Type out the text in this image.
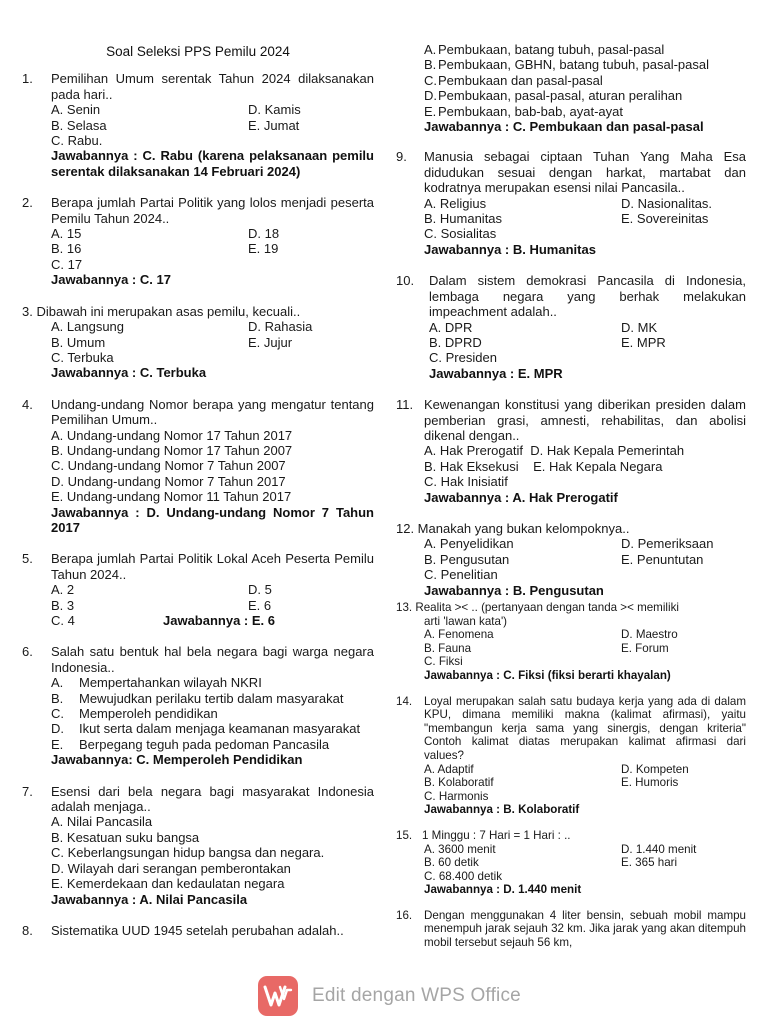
Soal Seleksi PPS Pemilu 2024
1.	Pemilihan Umum serentak Tahun 2024 dilaksanakan pada hari..
A. Senin	D. Kamis
B. Selasa	E. Jumat
C. Rabu.
Jawabannya : C. Rabu (karena pelaksanaan pemilu serentak dilaksanakan 14 Februari 2024)
2.	Berapa jumlah Partai Politik yang lolos menjadi peserta Pemilu Tahun 2024..
A. 15	D. 18
B. 16	E. 19
C. 17
Jawabannya : C. 17
3. Dibawah ini merupakan asas pemilu, kecuali..
A. Langsung	D. Rahasia
B. Umum	E. Jujur
C. Terbuka
Jawabannya : C. Terbuka
4.	Undang-undang Nomor berapa yang mengatur tentang Pemilihan Umum..
A. Undang-undang Nomor 17 Tahun 2017
B. Undang-undang Nomor 17 Tahun 2007
C. Undang-undang Nomor 7 Tahun 2007
D. Undang-undang Nomor 7 Tahun 2017
E. Undang-undang Nomor 11 Tahun 2017
Jawabannya : D. Undang-undang Nomor 7 Tahun 2017
5.	Berapa jumlah Partai Politik Lokal Aceh Peserta Pemilu Tahun 2024..
A. 2	D. 5
B. 3	E. 6
C. 4	Jawabannya : E. 6
6.	Salah satu bentuk hal bela negara bagi warga negara Indonesia..
A.	Mempertahankan wilayah NKRI
B.	Mewujudkan perilaku tertib dalam masyarakat
C.	Memperoleh pendidikan
D.	Ikut serta dalam menjaga keamanan masyarakat
E.	Berpegang teguh pada pedoman Pancasila
Jawabannya: C. Memperoleh Pendidikan
7.	Esensi dari bela negara bagi masyarakat Indonesia adalah menjaga..
A. Nilai Pancasila
B. Kesatuan suku bangsa
C. Keberlangsungan hidup bangsa dan negara.
D. Wilayah dari serangan pemberontakan
E. Kemerdekaan dan kedaulatan negara
Jawabannya : A. Nilai Pancasila
8.	Sistematika UUD 1945 setelah perubahan adalah..
A. Pembukaan, batang tubuh, pasal-pasal
B. Pembukaan, GBHN, batang tubuh, pasal-pasal
C. Pembukaan dan pasal-pasal
D. Pembukaan, pasal-pasal, aturan peralihan
E. Pembukaan, bab-bab, ayat-ayat
Jawabannya : C. Pembukaan dan pasal-pasal
9.	Manusia sebagai ciptaan Tuhan Yang Maha Esa didudukan sesuai dengan harkat, martabat dan kodratnya merupakan esensi nilai Pancasila..
A. Religius	D. Nasionalitas.
B. Humanitas	E. Sovereinitas
C. Sosialitas
Jawabannya : B. Humanitas
10.	Dalam sistem demokrasi Pancasila di Indonesia, lembaga negara yang berhak melakukan impeachment adalah..
A. DPR	D. MK
B. DPRD	E. MPR
C. Presiden
Jawabannya : E. MPR
11. Kewenangan konstitusi yang diberikan presiden dalam pemberian grasi, amnesti, rehabilitas, dan abolisi dikenal dengan..
A. Hak Prerogatif  D. Hak Kepala Pemerintah
B. Hak Eksekusi    E. Hak Kepala Negara
C. Hak Inisiatif
Jawabannya : A. Hak Prerogatif
12. Manakah yang bukan kelompoknya..
A. Penyelidikan	D. Pemeriksaan
B. Pengusutan	E. Penuntutan
C. Penelitian
Jawabannya : B. Pengusutan
13. Realita >< .. (pertanyaan dengan tanda >< memiliki
arti 'lawan kata')
A. Fenomena	D. Maestro
B. Fauna	E. Forum
C. Fiksi
Jawabannya : C. Fiksi (fiksi berarti khayalan)
14.	Loyal merupakan salah satu budaya kerja yang ada di dalam KPU, dimana memiliki makna (kalimat afirmasi), yaitu "membangun kerja sama yang sinergis, dengan kriteria" Contoh kalimat diatas merupakan kalimat afirmasi dari values?
A. Adaptif	D. Kompeten
B. Kolaboratif	E. Humoris
C. Harmonis
Jawabannya : B. Kolaboratif
15. 1 Minggu : 7 Hari = 1 Hari : ..
A. 3600 menit	D. 1.440 menit
B. 60 detik	E. 365 hari
C. 68.400 detik
Jawabannya : D. 1.440 menit
16.	Dengan menggunakan 4 liter bensin, sebuah mobil mampu menempuh jarak sejauh 32 km. Jika jarak yang akan ditempuh mobil tersebut sejauh 56 km,
Edit dengan WPS Office
